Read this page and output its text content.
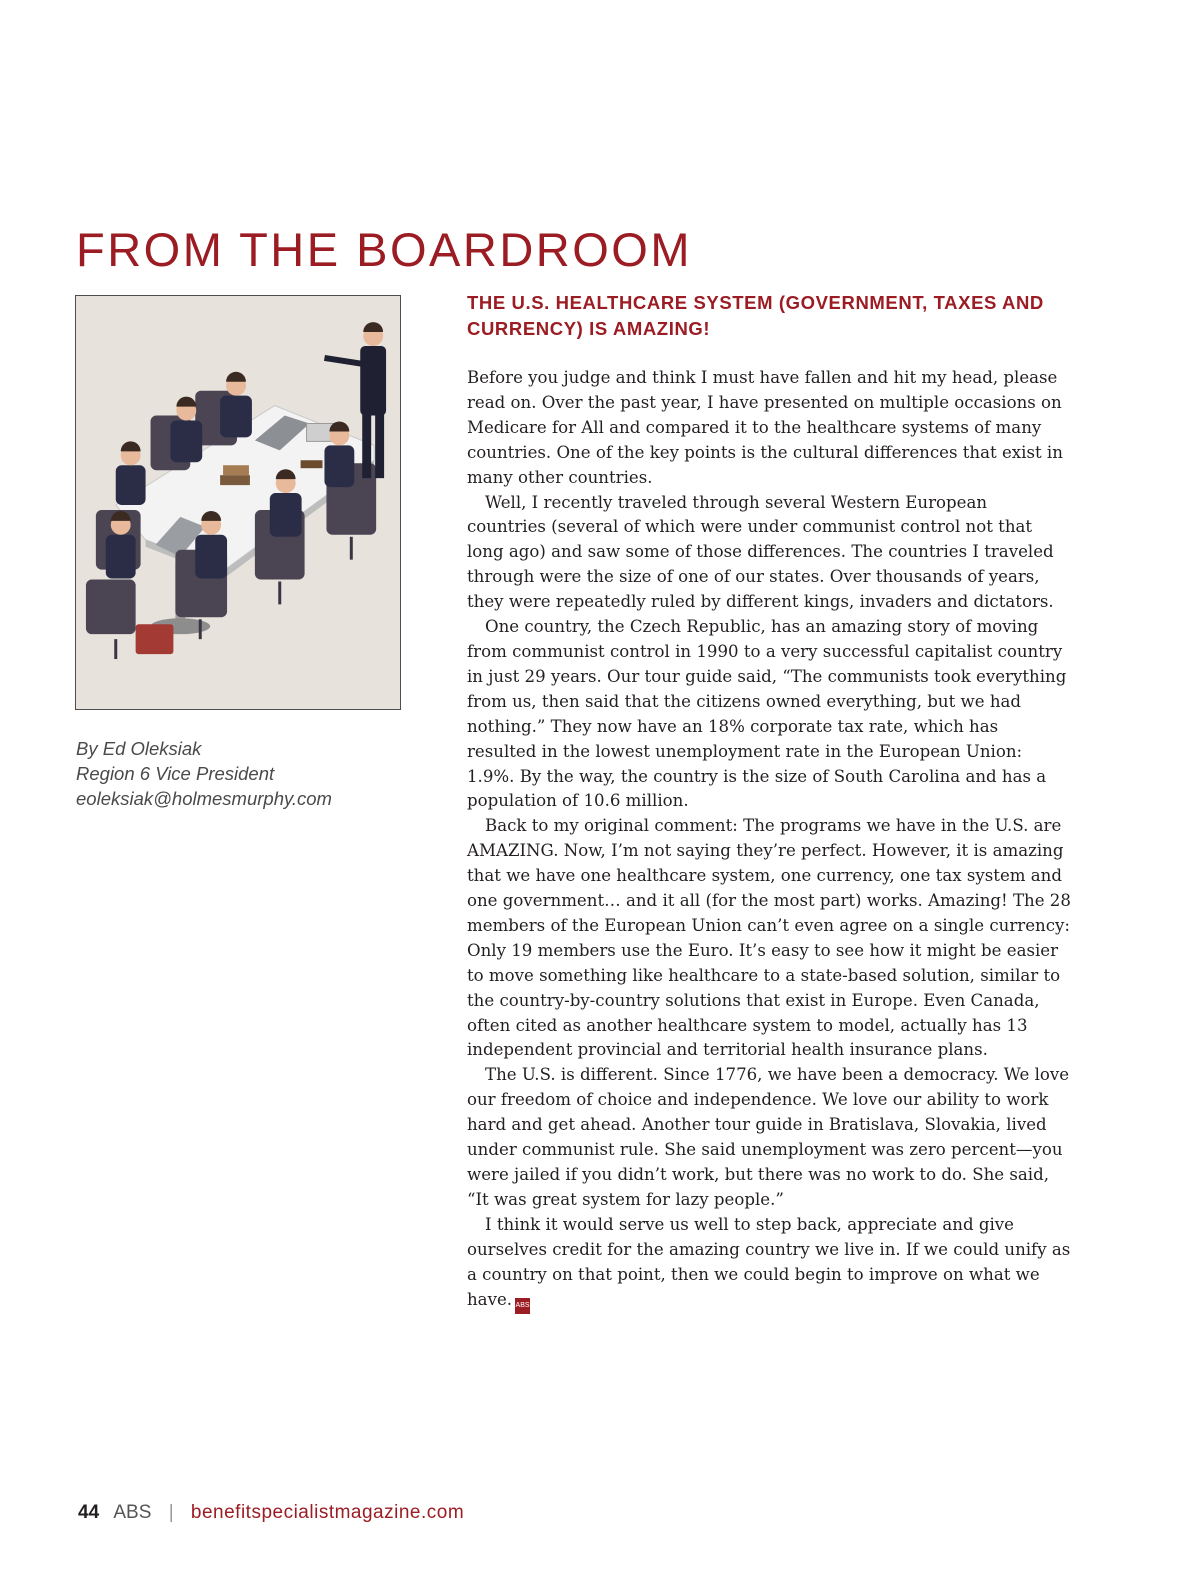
FROM THE BOARDROOM
By Ed Oleksiak
Region 6 Vice President
eoleksiak@holmesmurphy.com
THE U.S. HEALTHCARE SYSTEM (GOVERNMENT, TAXES AND CURRENCY) IS AMAZING!

Before you judge and think I must have fallen and hit my head, please read on. Over the past year, I have presented on multiple occasions on Medicare for All and compared it to the healthcare systems of many countries. One of the key points is the cultural differences that exist in many other countries.

Well, I recently traveled through several Western European countries (several of which were under communist control not that long ago) and saw some of those differences. The countries I traveled through were the size of one of our states. Over thousands of years, they were repeatedly ruled by different kings, invaders and dictators.

One country, the Czech Republic, has an amazing story of moving from communist control in 1990 to a very successful capitalist country in just 29 years. Our tour guide said, “The communists took everything from us, then said that the citizens owned everything, but we had nothing.” They now have an 18% corporate tax rate, which has resulted in the lowest unemployment rate in the European Union: 1.9%. By the way, the country is the size of South Carolina and has a population of 10.6 million.

Back to my original comment: The programs we have in the U.S. are AMAZING. Now, I’m not saying they’re perfect. However, it is amazing that we have one healthcare system, one currency, one tax system and one government… and it all (for the most part) works. Amazing! The 28 members of the European Union can’t even agree on a single currency: Only 19 members use the Euro. It’s easy to see how it might be easier to move something like healthcare to a state-based solution, similar to the country-by-country solutions that exist in Europe. Even Canada, often cited as another healthcare system to model, actually has 13 independent provincial and territorial health insurance plans.

The U.S. is different. Since 1776, we have been a democracy. We love our freedom of choice and independence. We love our ability to work hard and get ahead. Another tour guide in Bratislava, Slovakia, lived under communist rule. She said unemployment was zero percent—you were jailed if you didn’t work, but there was no work to do. She said, “It was great system for lazy people.”

I think it would serve us well to step back, appreciate and give ourselves credit for the amazing country we live in. If we could unify as a country on that point, then we could begin to improve on what we have. ABS

44 ABS | benefitspecialistmagazine.com
